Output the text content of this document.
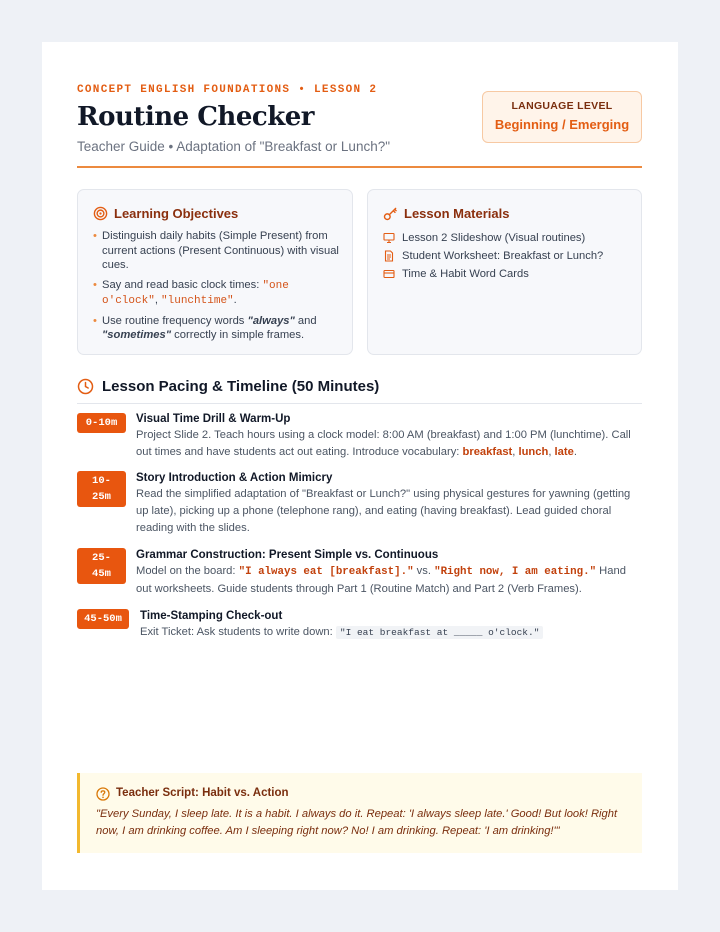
CONCEPT ENGLISH FOUNDATIONS • LESSON 2
Routine Checker
Teacher Guide • Adaptation of "Breakfast or Lunch?"
LANGUAGE LEVEL
Beginning / Emerging
Learning Objectives
• Distinguish daily habits (Simple Present) from current actions (Present Continuous) with visual cues.
• Say and read basic clock times: "one o'clock", "lunchtime".
• Use routine frequency words "always" and "sometimes" correctly in simple frames.
Lesson Materials
Lesson 2 Slideshow (Visual routines)
Student Worksheet: Breakfast or Lunch?
Time & Habit Word Cards
Lesson Pacing & Timeline (50 Minutes)
0-10m	Visual Time Drill & Warm-Up
Project Slide 2. Teach hours using a clock model: 8:00 AM (breakfast) and 1:00 PM (lunchtime). Call out times and have students act out eating. Introduce vocabulary: breakfast, lunch, late.
10-
25m
Story Introduction & Action Mimicry
Read the simplified adaptation of "Breakfast or Lunch?" using physical gestures for yawning (getting up late), picking up a phone (telephone rang), and eating (having breakfast). Lead guided choral reading with the slides.
25-
45m
Grammar Construction: Present Simple vs. Continuous
Model on the board: "I always eat [breakfast]." vs. "Right now, I am eating." Hand out worksheets. Guide students through Part 1 (Routine Match) and Part 2 (Verb Frames).
45-50m	Time-Stamping Check-out
Exit Ticket: Ask students to write down: "I eat breakfast at _____ o'clock."
Teacher Script: Habit vs. Action
"Every Sunday, I sleep late. It is a habit. I always do it. Repeat: 'I always sleep late.' Good! But look! Right now, I am drinking coffee. Am I sleeping right now? No! I am drinking. Repeat: 'I am drinking!'"
